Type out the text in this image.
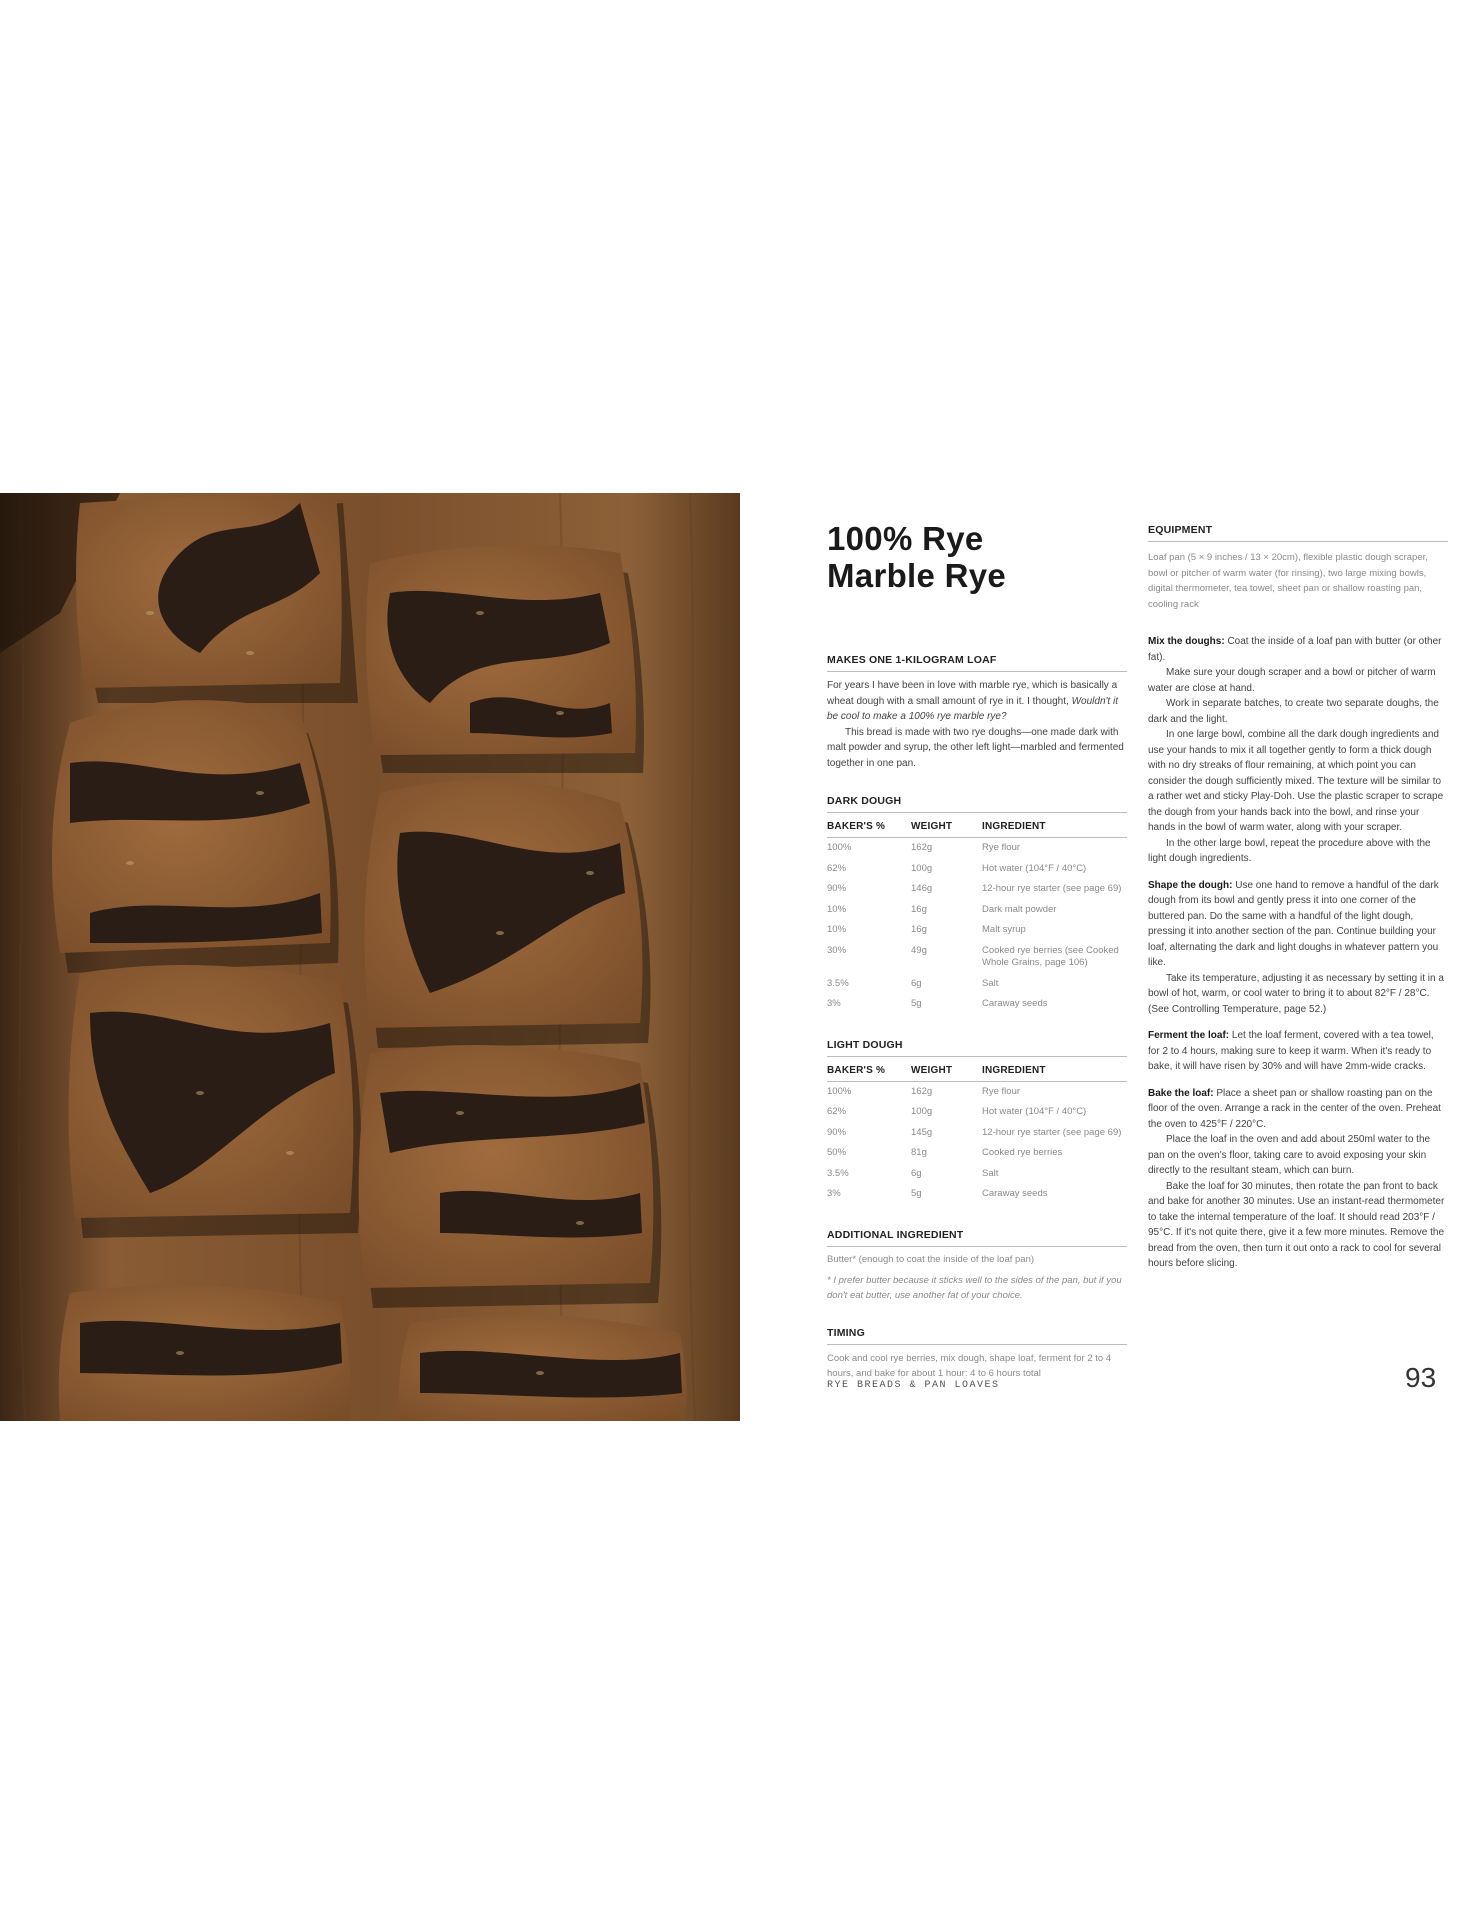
100% Rye
Marble Rye
MAKES ONE 1-KILOGRAM LOAF

For years I have been in love with marble rye, which is basically a wheat dough with a small amount of rye in it. I thought, Wouldn't it be cool to make a 100% rye marble rye?

This bread is made with two rye doughs—one made dark with malt powder and syrup, the other left light—marbled and fermented together in one pan.

DARK DOUGH
BAKER'S %	WEIGHT	INGREDIENT
100%	162g	Rye flour
62%	100g	Hot water (104°F / 40°C)
90%	146g	12-hour rye starter (see page 69)
10%	16g	Dark malt powder
10%	16g	Malt syrup
30%	49g	Cooked rye berries (see Cooked Whole Grains, page 106)
3.5%	6g	Salt
3%	5g	Caraway seeds
LIGHT DOUGH
BAKER'S %	WEIGHT	INGREDIENT
100%	162g	Rye flour
62%	100g	Hot water (104°F / 40°C)
90%	145g	12-hour rye starter (see page 69)
50%	81g	Cooked rye berries
3.5%	6g	Salt
3%	5g	Caraway seeds
ADDITIONAL INGREDIENT
Butter* (enough to coat the inside of the loaf pan)
* I prefer butter because it sticks well to the sides of the pan, but if you don't eat butter, use another fat of your choice.
TIMING
Cook and cool rye berries, mix dough, shape loaf, ferment for 2 to 4 hours, and bake for about 1 hour: 4 to 6 hours total
EQUIPMENT
Loaf pan (5 × 9 inches / 13 × 20cm), flexible plastic dough scraper, bowl or pitcher of warm water (for rinsing), two large mixing bowls, digital thermometer, tea towel, sheet pan or shallow roasting pan, cooling rack

Mix the doughs: Coat the inside of a loaf pan with butter (or other fat).

Make sure your dough scraper and a bowl or pitcher of warm water are close at hand.

Work in separate batches, to create two separate doughs, the dark and the light.

In one large bowl, combine all the dark dough ingredients and use your hands to mix it all together gently to form a thick dough with no dry streaks of flour remaining, at which point you can consider the dough sufficiently mixed. The texture will be similar to a rather wet and sticky Play-Doh. Use the plastic scraper to scrape the dough from your hands back into the bowl, and rinse your hands in the bowl of warm water, along with your scraper.

In the other large bowl, repeat the procedure above with the light dough ingredients.

Shape the dough: Use one hand to remove a handful of the dark dough from its bowl and gently press it into one corner of the buttered pan. Do the same with a handful of the light dough, pressing it into another section of the pan. Continue building your loaf, alternating the dark and light doughs in whatever pattern you like.

Take its temperature, adjusting it as necessary by setting it in a bowl of hot, warm, or cool water to bring it to about 82°F / 28°C. (See Controlling Temperature, page 52.)

Ferment the loaf: Let the loaf ferment, covered with a tea towel, for 2 to 4 hours, making sure to keep it warm. When it's ready to bake, it will have risen by 30% and will have 2mm-wide cracks.

Bake the loaf: Place a sheet pan or shallow roasting pan on the floor of the oven. Arrange a rack in the center of the oven. Preheat the oven to 425°F / 220°C.

Place the loaf in the oven and add about 250ml water to the pan on the oven's floor, taking care to avoid exposing your skin directly to the resultant steam, which can burn.

Bake the loaf for 30 minutes, then rotate the pan front to back and bake for another 30 minutes. Use an instant-read thermometer to take the internal temperature of the loaf. It should read 203°F / 95°C. If it's not quite there, give it a few more minutes. Remove the bread from the oven, then turn it out onto a rack to cool for several hours before slicing.

RYE BREADS & PAN LOAVES	93
